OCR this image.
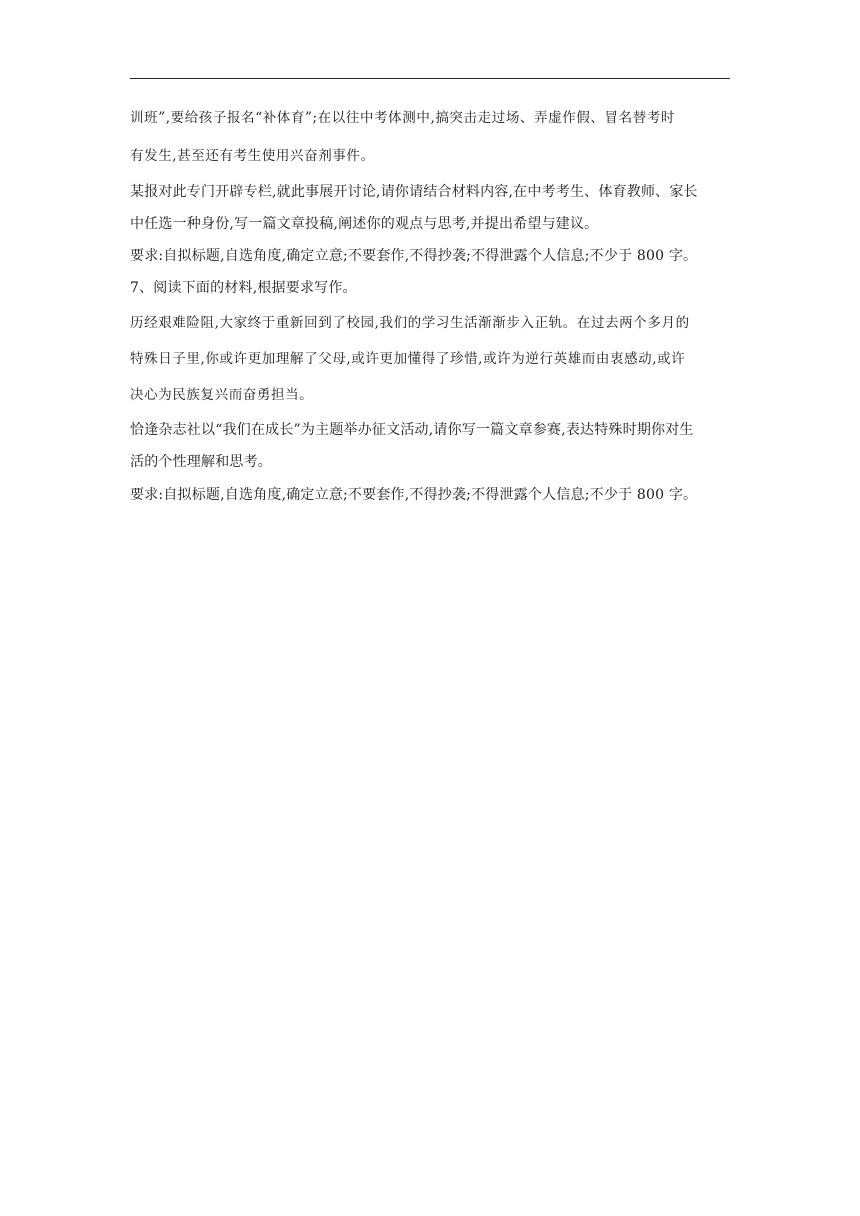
训班”,要给孩子报名“补体育”;在以往中考体测中,搞突击走过场、弄虚作假、冒名替考时
有发生,甚至还有考生使用兴奋剂事件。
某报对此专门开辟专栏,就此事展开讨论,请你请结合材料内容,在中考考生、体育教师、家长
中任选一种身份,写一篇文章投稿,阐述你的观点与思考,并提出希望与建议。
要求:自拟标题,自选角度,确定立意;不要套作,不得抄袭;不得泄露个人信息;不少于 800 字。
7、阅读下面的材料,根据要求写作。
历经艰难险阻,大家终于重新回到了校园,我们的学习生活渐渐步入正轨。在过去两个多月的
特殊日子里,你或许更加理解了父母,或许更加懂得了珍惜,或许为逆行英雄而由衷感动,或许
决心为民族复兴而奋勇担当。
恰逢杂志社以“我们在成长”为主题举办征文活动,请你写一篇文章参赛,表达特殊时期你对生
活的个性理解和思考。
要求:自拟标题,自选角度,确定立意;不要套作,不得抄袭;不得泄露个人信息;不少于 800 字。
